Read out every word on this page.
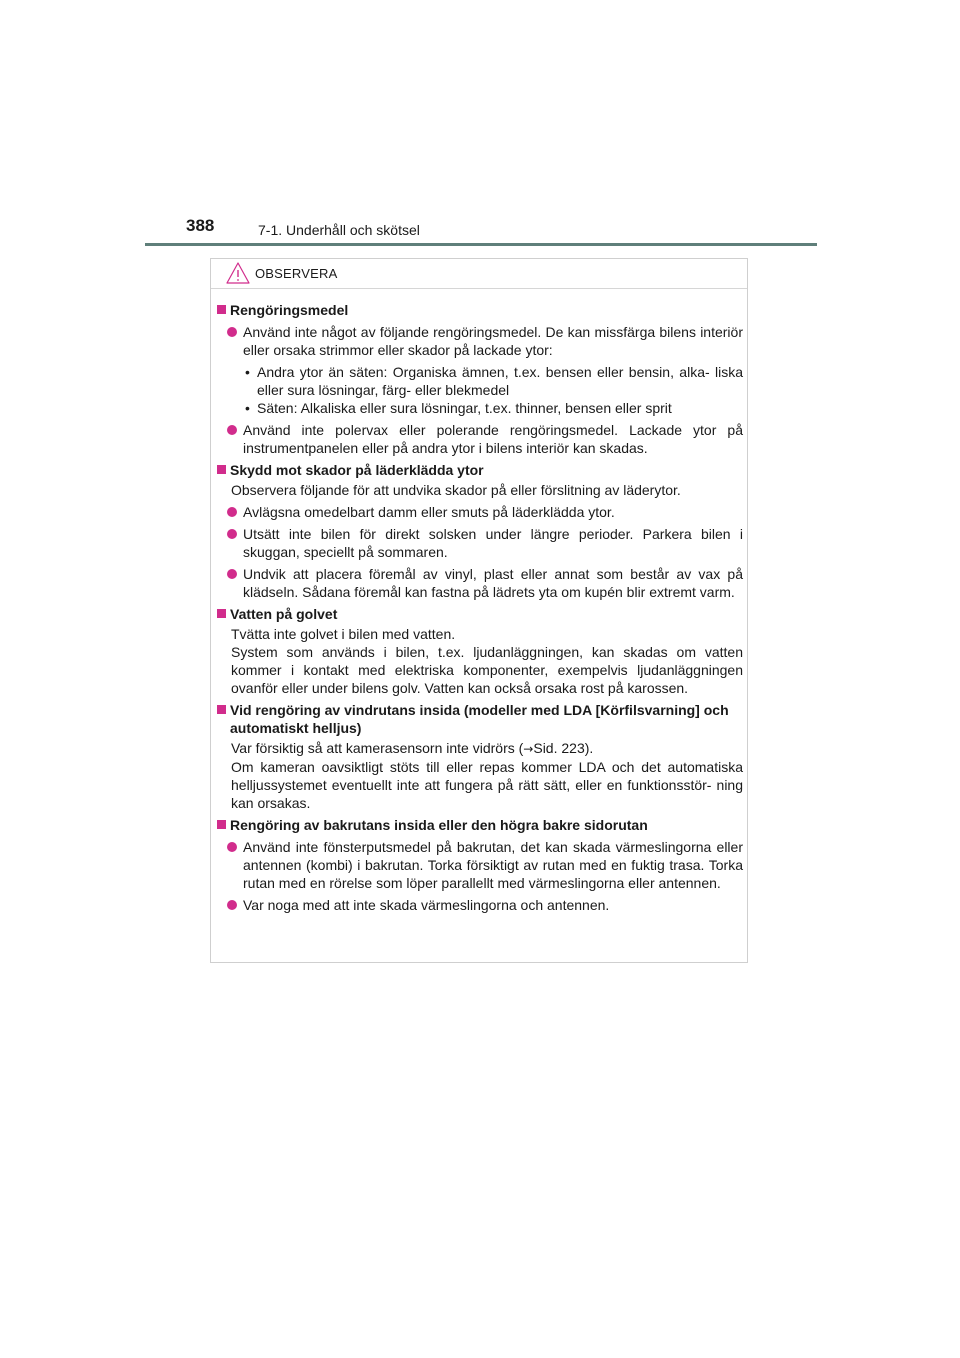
388	7-1. Underhåll och skötsel
OBSERVERA
Rengöringsmedel
Använd inte något av följande rengöringsmedel. De kan missfärga bilens interiör eller orsaka strimmor eller skador på lackade ytor:
• Andra ytor än säten: Organiska ämnen, t.ex. bensen eller bensin, alka- liska eller sura lösningar, färg- eller blekmedel
• Säten: Alkaliska eller sura lösningar, t.ex. thinner, bensen eller sprit
Använd inte polervax eller polerande rengöringsmedel. Lackade ytor på instrumentpanelen eller på andra ytor i bilens interiör kan skadas.
Skydd mot skador på läderklädda ytor
Observera följande för att undvika skador på eller förslitning av läderytor.
Avlägsna omedelbart damm eller smuts på läderklädda ytor.
Utsätt inte bilen för direkt solsken under längre perioder. Parkera bilen i skuggan, speciellt på sommaren.
Undvik att placera föremål av vinyl, plast eller annat som består av vax på klädseln. Sådana föremål kan fastna på lädrets yta om kupén blir extremt varm.
Vatten på golvet
Tvätta inte golvet i bilen med vatten.
System som används i bilen, t.ex. ljudanläggningen, kan skadas om vatten kommer i kontakt med elektriska komponenter, exempelvis ljudanläggningen ovanför eller under bilens golv. Vatten kan också orsaka rost på karossen.
Vid rengöring av vindrutans insida (modeller med LDA [Körfilsvarning] och automatiskt helljus)
Var försiktig så att kamerasensorn inte vidrörs (→Sid. 223).
Om kameran oavsiktligt stöts till eller repas kommer LDA och det automatiska helljussystemet eventuellt inte att fungera på rätt sätt, eller en funktionsstör- ning kan orsakas.
Rengöring av bakrutans insida eller den högra bakre sidorutan
Använd inte fönsterputsmedel på bakrutan, det kan skada värmeslingorna eller antennen (kombi) i bakrutan. Torka försiktigt av rutan med en fuktig trasa. Torka rutan med en rörelse som löper parallellt med värmeslingorna eller antennen.
Var noga med att inte skada värmeslingorna och antennen.
